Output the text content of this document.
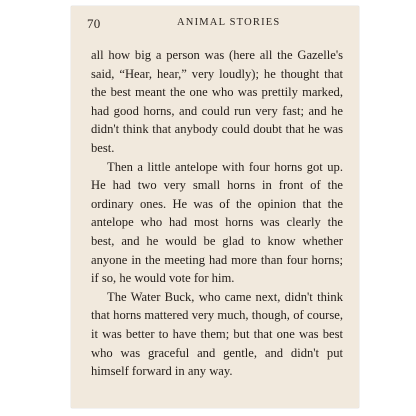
70	ANIMAL STORIES

all how big a person was (here all the Gazelle's said, “Hear, hear,” very loudly); he thought that the best meant the one who was prettily marked, had good horns, and could run very fast; and he didn't think that anybody could doubt that he was best.

Then a little antelope with four horns got up. He had two very small horns in front of the ordinary ones. He was of the opinion that the antelope who had most horns was clearly the best, and he would be glad to know whether anyone in the meeting had more than four horns; if so, he would vote for him.

The Water Buck, who came next, didn't think that horns mattered very much, though, of course, it was better to have them; but that one was best who was graceful and gentle, and didn't put himself forward in any way.
